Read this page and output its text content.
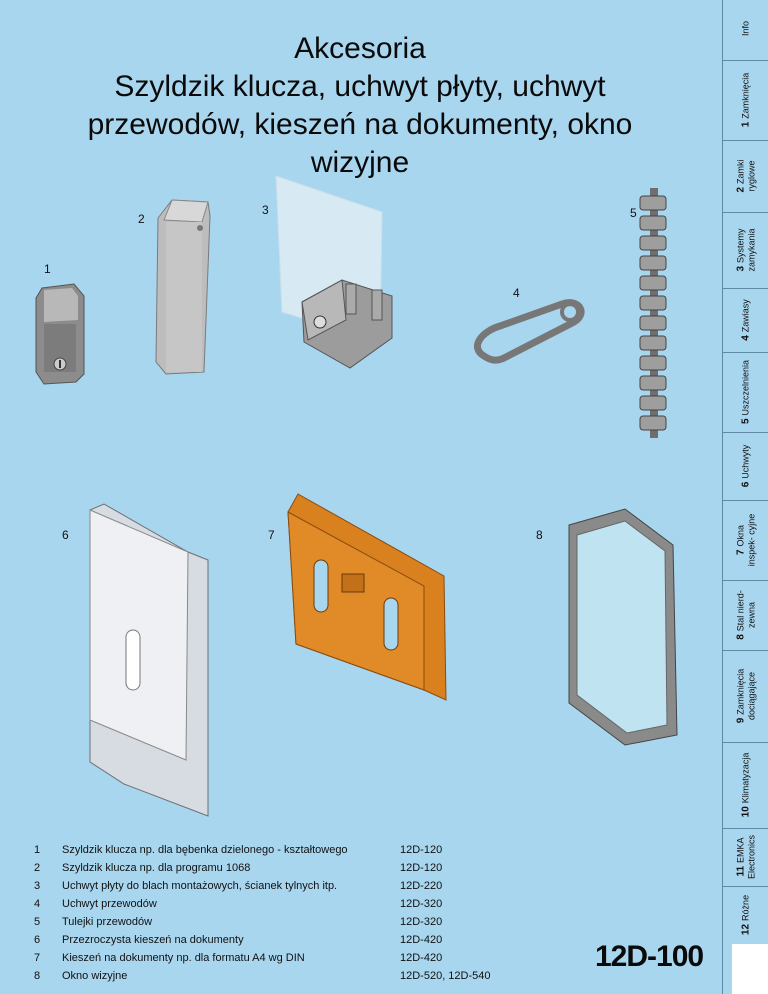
Akcesoria
Szyldzik klucza, uchwyt płyty, uchwyt
przewodów, kieszeń na dokumenty, okno
wizyjne
1
2
3
4
5
6	7	8
1 Szyldzik klucza np. dla bębenka dzielonego - kształtowego	12D-120
2 Szyldzik klucza np. dla programu 1068	12D-120
3 Uchwyt płyty do blach montażowych, ścianek tylnych itp.	12D-220
4 Uchwyt przewodów	12D-320
5 Tulejki przewodów	12D-320
6 Przezroczysta kieszeń na dokumenty	12D-420
7 Kieszeń na dokumenty np. dla formatu A4 wg DIN	12D-420
8 Okno wizyjne	12D-520, 12D-540
12D-100
Info
1Zamknięcia
2Zamki ryglowe
3Systemy zamykania
4Zawiasy
5Uszczelnienia
6Uchwyty
7Okna inspek- cyjne
8Stal nierd- zewna
9Zamknięcia dociągające
10Klimatyzacja
11EMKA Electronics
12Różne
